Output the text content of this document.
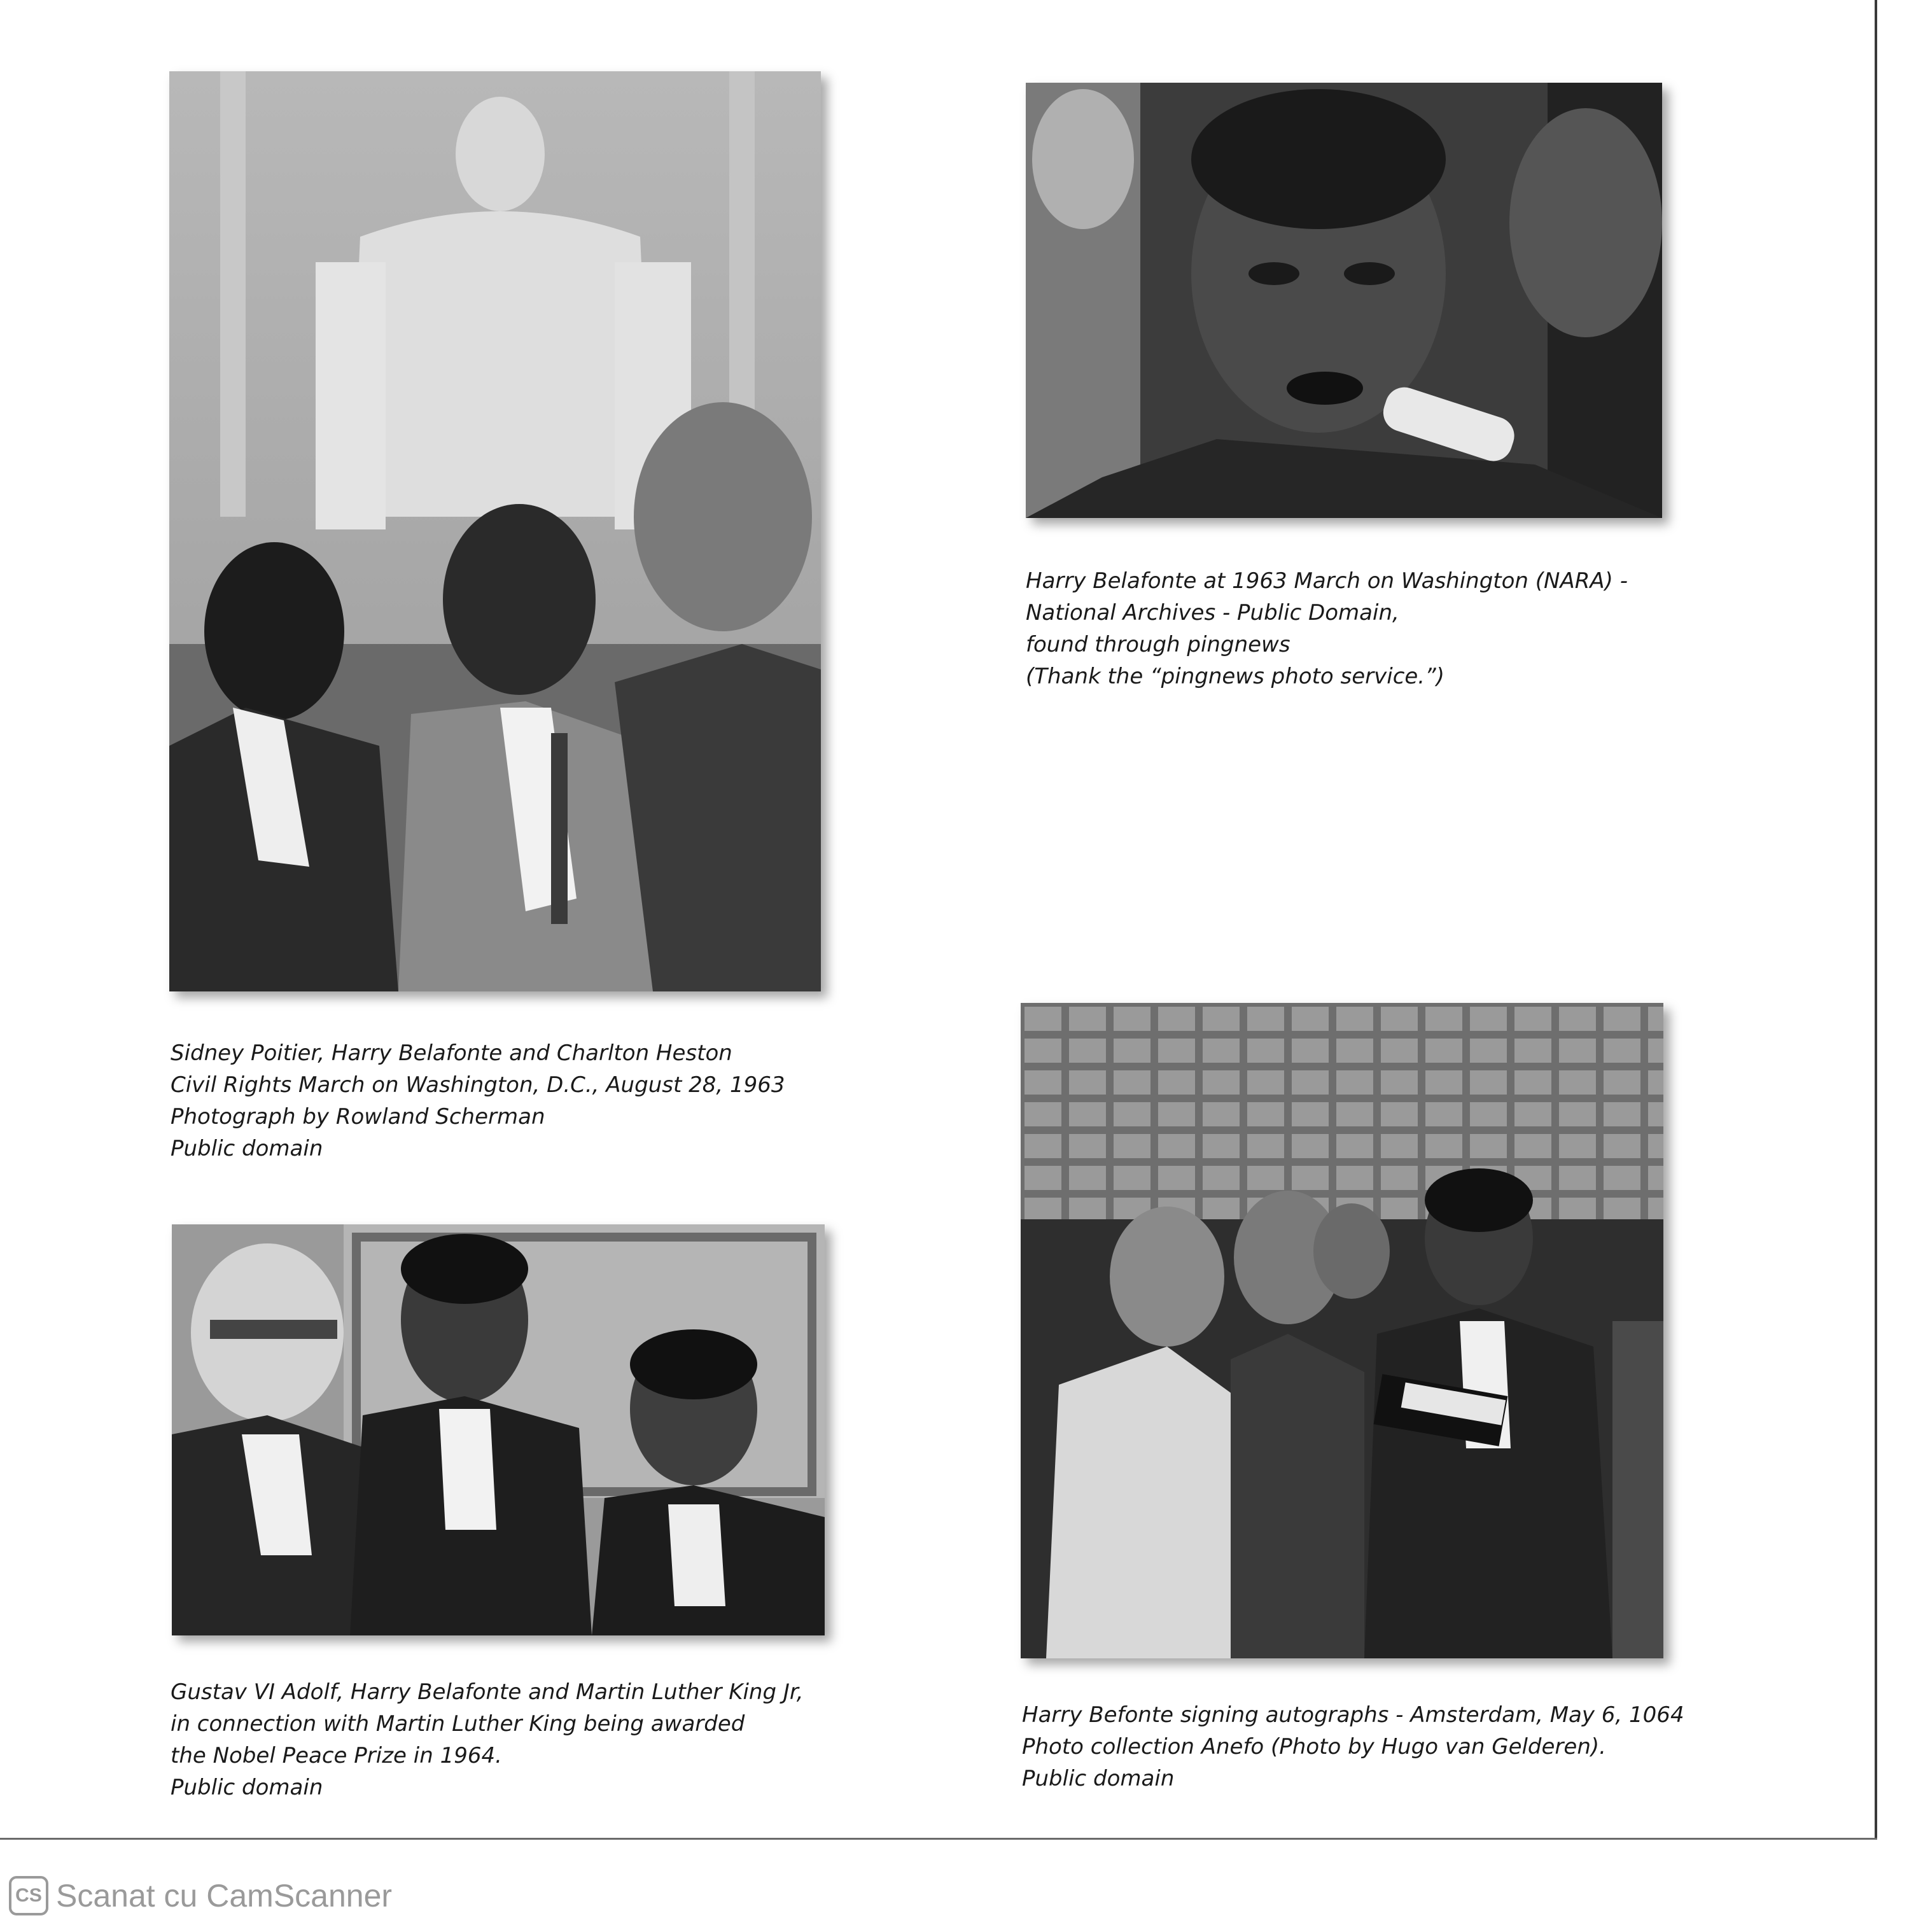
Sidney Poitier, Harry Belafonte and Charlton Heston
Civil Rights March on Washington, D.C., August 28, 1963
Photograph by Rowland Scherman
Public domain
Harry Belafonte at 1963 March on Washington (NARA) -
National Archives - Public Domain,
found through pingnews
(Thank the “pingnews photo service.”)
Gustav VI Adolf, Harry Belafonte and Martin Luther King Jr,
in connection with Martin Luther King being awarded
the Nobel Peace Prize in 1964.
Public domain
Harry Befonte signing autographs - Amsterdam, May 6, 1064
Photo collection Anefo (Photo by Hugo van Gelderen).
Public domain
CS Scanat cu CamScanner
